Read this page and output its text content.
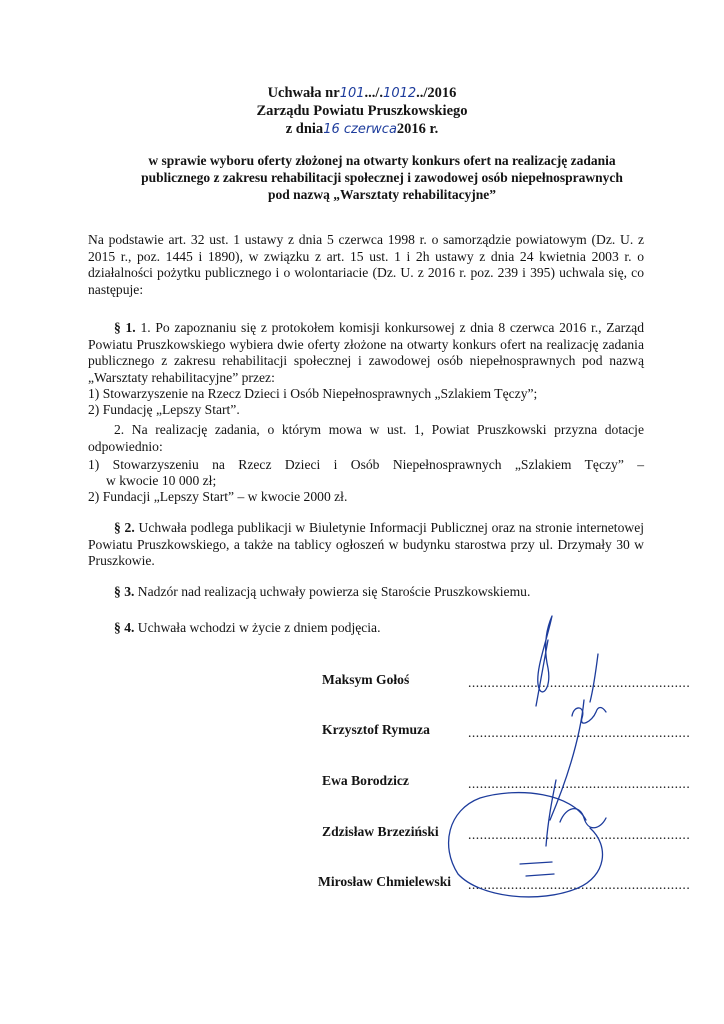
Uchwała nr101.../.1012../2016
Zarządu Powiatu Pruszkowskiego
z dnia16 czerwca2016 r.
w sprawie wyboru oferty złożonej na otwarty konkurs ofert na realizację zadania
publicznego z zakresu rehabilitacji społecznej i zawodowej osób niepełnosprawnych
pod nazwą „Warsztaty rehabilitacyjne”
Na podstawie art. 32 ust. 1 ustawy z dnia 5 czerwca 1998 r. o samorządzie powiatowym (Dz. U. z 2015 r., poz. 1445 i 1890), w związku z art. 15 ust. 1 i 2h ustawy z dnia 24 kwietnia 2003 r. o działalności pożytku publicznego i o wolontariacie (Dz. U. z 2016 r. poz. 239 i 395) uchwala się, co następuje:
§ 1. 1. Po zapoznaniu się z protokołem komisji konkursowej z dnia 8 czerwca 2016 r., Zarząd Powiatu Pruszkowskiego wybiera dwie oferty złożone na otwarty konkurs ofert na realizację zadania publicznego z zakresu rehabilitacji społecznej i zawodowej osób niepełnosprawnych pod nazwą „Warsztaty rehabilitacyjne” przez:
1) Stowarzyszenie na Rzecz Dzieci i Osób Niepełnosprawnych „Szlakiem Tęczy”;
2) Fundację „Lepszy Start”.
2. Na realizację zadania, o którym mowa w ust. 1, Powiat Pruszkowski przyzna dotacje odpowiednio:
1) Stowarzyszeniu na Rzecz Dzieci i Osób Niepełnosprawnych „Szlakiem Tęczy” –
w kwocie 10 000 zł;
2) Fundacji „Lepszy Start” – w kwocie 2000 zł.
§ 2. Uchwała podlega publikacji w Biuletynie Informacji Publicznej oraz na stronie internetowej Powiatu Pruszkowskiego, a także na tablicy ogłoszeń w budynku starostwa przy ul. Drzymały 30 w Pruszkowie.
§ 3. Nadzór nad realizacją uchwały powierza się Staroście Pruszkowskiemu.
§ 4. Uchwała wchodzi w życie z dniem podjęcia.
Maksym Gołoś	.........................................................
Krzysztof Rymuza	.........................................................
Ewa Borodzicz	.........................................................
Zdzisław Brzeziński .........................................................
Mirosław Chmielewski .........................................................
